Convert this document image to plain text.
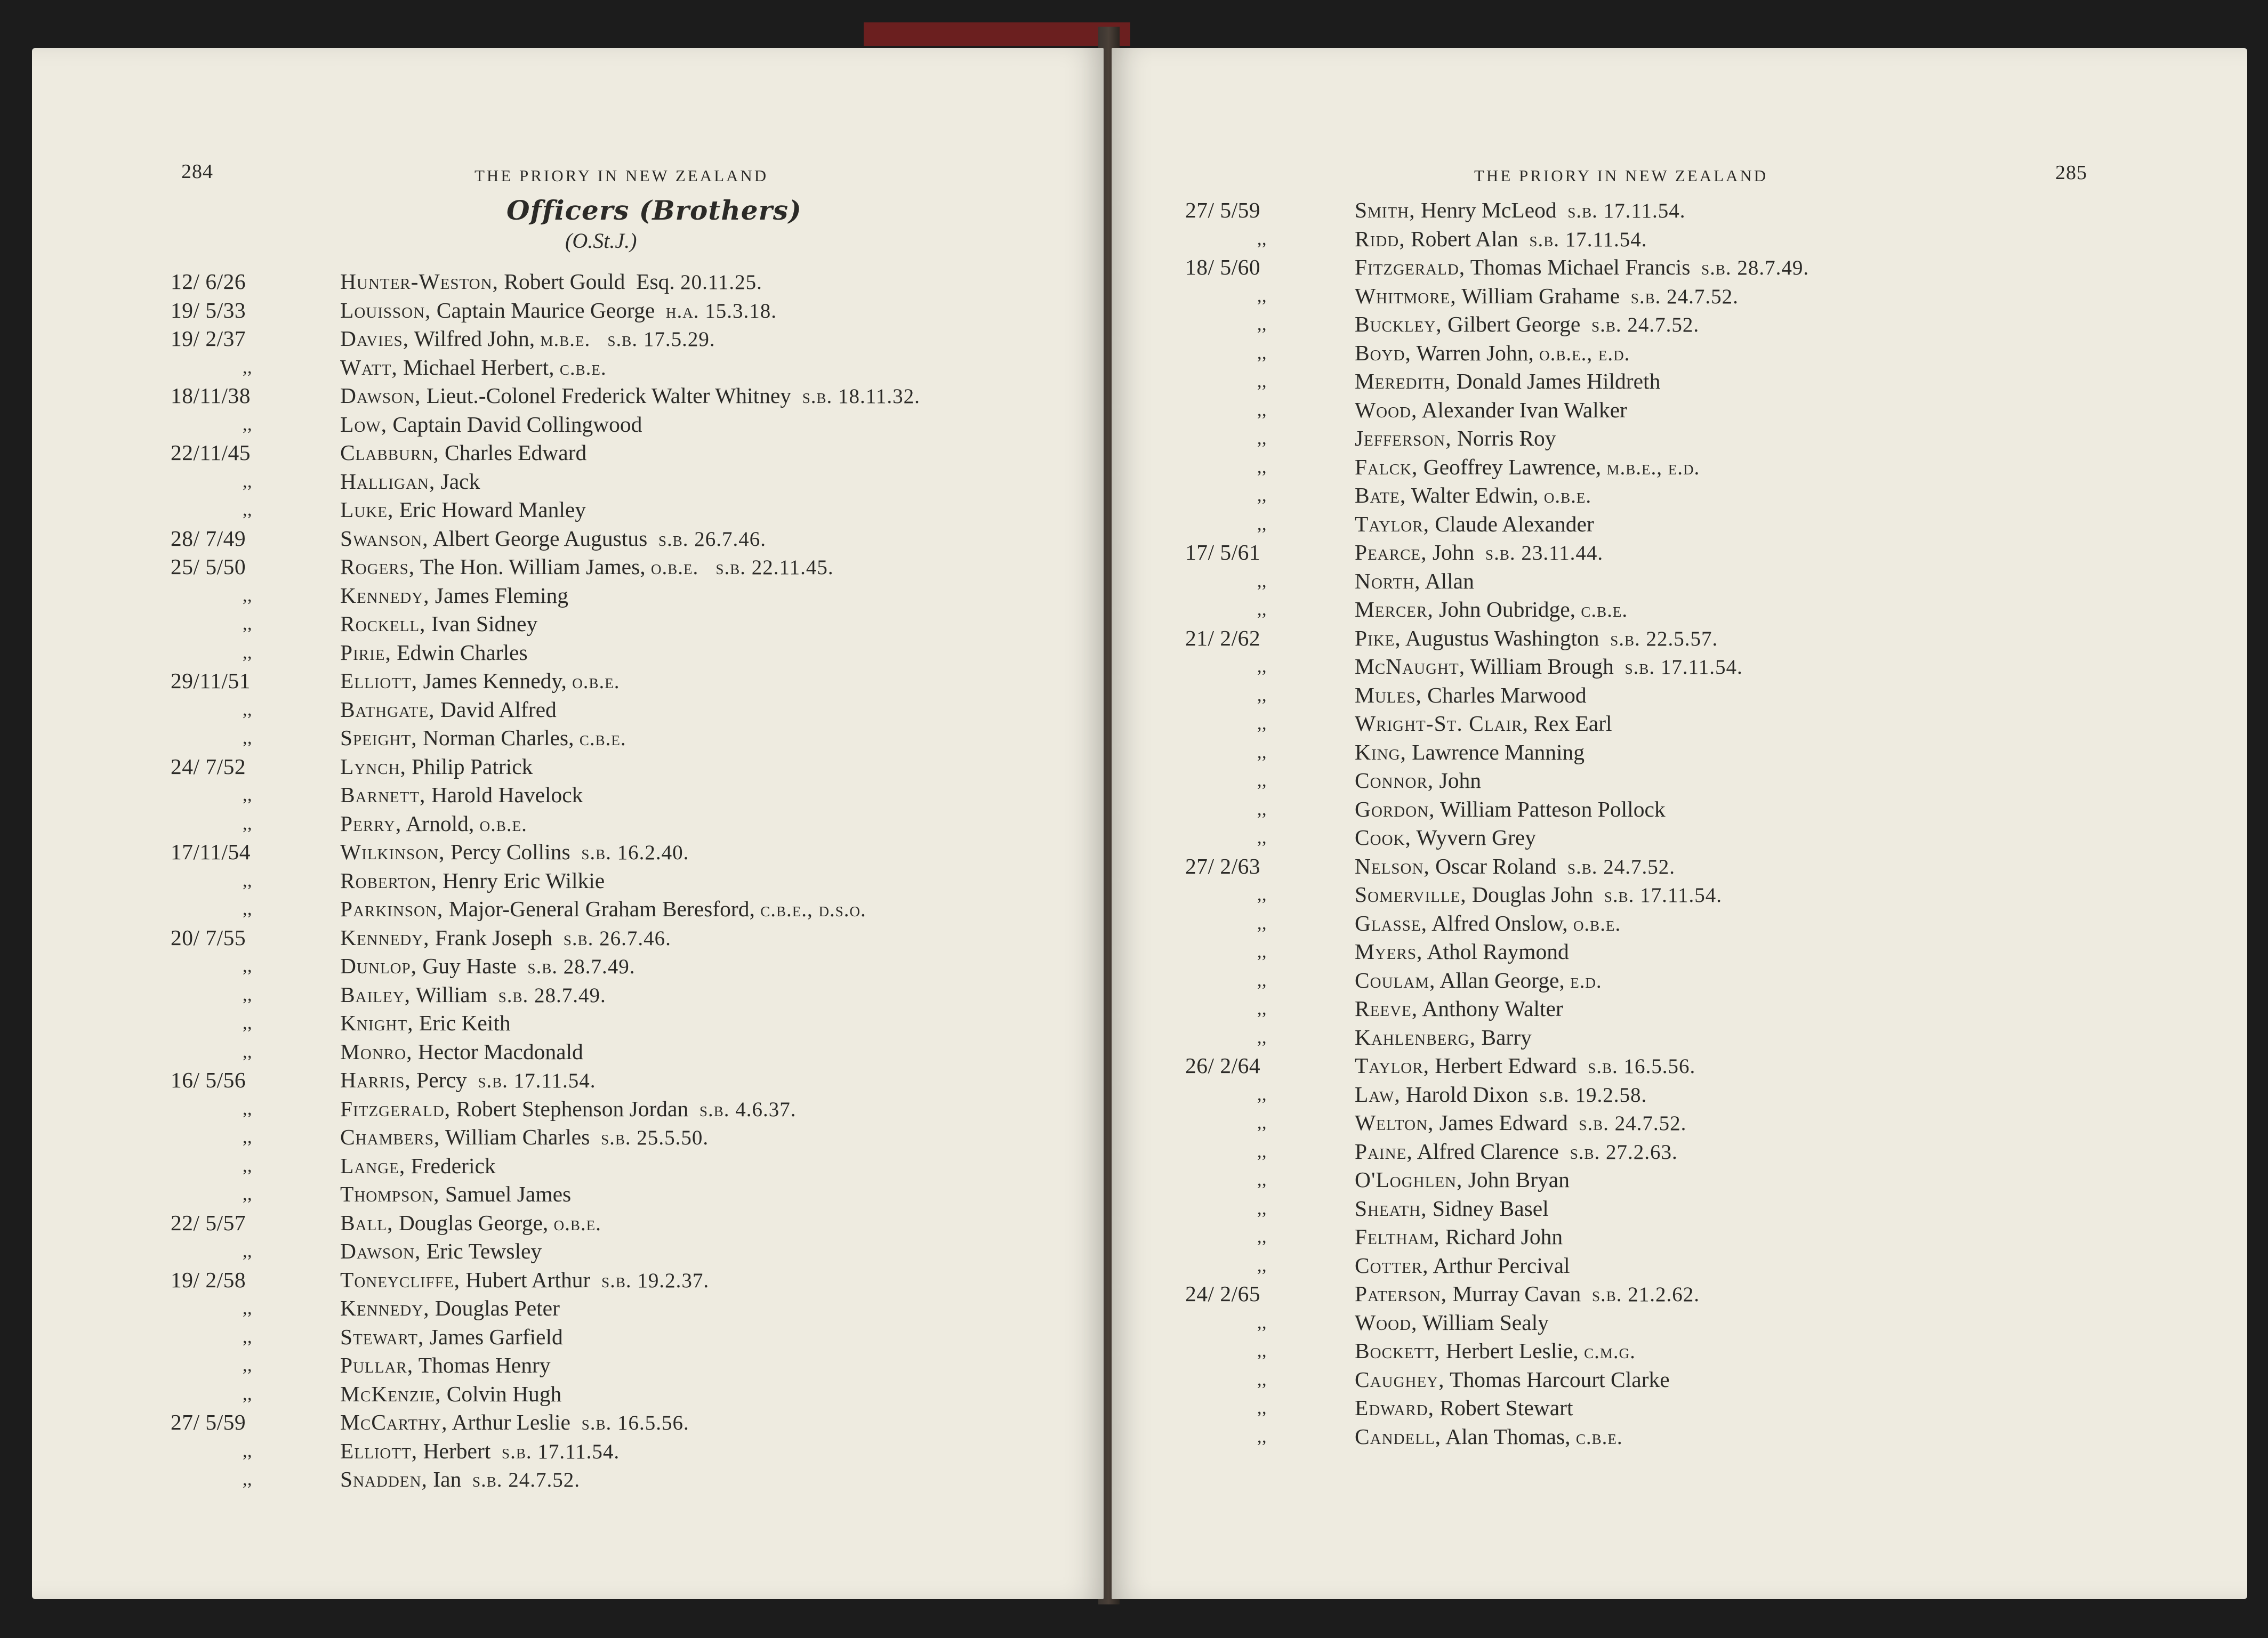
284	THE PRIORY IN NEW ZEALAND
Officers (Brothers)
(O.St.J.)
12/ 6/26	Hunter-Weston, Robert Gould  Esq. 20.11.25.
19/ 5/33	Louisson, Captain Maurice George  h.a. 15.3.18.
19/ 2/37	Davies, Wilfred John, m.b.e.   s.b. 17.5.29.
,,	Watt, Michael Herbert, c.b.e.
18/11/38	Dawson, Lieut.-Colonel Frederick Walter Whitney  s.b. 18.11.32.
,,	Low, Captain David Collingwood
22/11/45	Clabburn, Charles Edward
,,	Halligan, Jack
,,	Luke, Eric Howard Manley
28/ 7/49	Swanson, Albert George Augustus  s.b. 26.7.46.
25/ 5/50	Rogers, The Hon. William James, o.b.e.   s.b. 22.11.45.
,,	Kennedy, James Fleming
,,	Rockell, Ivan Sidney
,,	Pirie, Edwin Charles
29/11/51	Elliott, James Kennedy, o.b.e.
,,	Bathgate, David Alfred
,,	Speight, Norman Charles, c.b.e.
24/ 7/52	Lynch, Philip Patrick
,,	Barnett, Harold Havelock
,,	Perry, Arnold, o.b.e.
17/11/54	Wilkinson, Percy Collins  s.b. 16.2.40.
,,	Roberton, Henry Eric Wilkie
,,	Parkinson, Major-General Graham Beresford, c.b.e., d.s.o.
20/ 7/55	Kennedy, Frank Joseph  s.b. 26.7.46.
,,	Dunlop, Guy Haste  s.b. 28.7.49.
,,	Bailey, William  s.b. 28.7.49.
,,	Knight, Eric Keith
,,	Monro, Hector Macdonald
16/ 5/56	Harris, Percy  s.b. 17.11.54.
,,	Fitzgerald, Robert Stephenson Jordan  s.b. 4.6.37.
,,	Chambers, William Charles  s.b. 25.5.50.
,,	Lange, Frederick
,,	Thompson, Samuel James
22/ 5/57	Ball, Douglas George, o.b.e.
,,	Dawson, Eric Tewsley
19/ 2/58	Toneycliffe, Hubert Arthur  s.b. 19.2.37.
,,	Kennedy, Douglas Peter
,,	Stewart, James Garfield
,,	Pullar, Thomas Henry
,,	McKenzie, Colvin Hugh
27/ 5/59	McCarthy, Arthur Leslie  s.b. 16.5.56.
,,	Elliott, Herbert  s.b. 17.11.54.
,,	Snadden, Ian  s.b. 24.7.52.
285
THE PRIORY IN NEW ZEALAND
27/ 5/59	Smith, Henry McLeod  s.b. 17.11.54.
,,	Ridd, Robert Alan  s.b. 17.11.54.
18/ 5/60	Fitzgerald, Thomas Michael Francis  s.b. 28.7.49.
,,	Whitmore, William Grahame  s.b. 24.7.52.
,,	Buckley, Gilbert George  s.b. 24.7.52.
,,	Boyd, Warren John, o.b.e., e.d.
,,	Meredith, Donald James Hildreth
,,	Wood, Alexander Ivan Walker
,,	Jefferson, Norris Roy
,,	Falck, Geoffrey Lawrence, m.b.e., e.d.
,,	Bate, Walter Edwin, o.b.e.
,,	Taylor, Claude Alexander
17/ 5/61	Pearce, John  s.b. 23.11.44.
,,	North, Allan
,,	Mercer, John Oubridge, c.b.e.
21/ 2/62	Pike, Augustus Washington  s.b. 22.5.57.
,,	McNaught, William Brough  s.b. 17.11.54.
,,	Mules, Charles Marwood
,,	Wright-St. Clair, Rex Earl
,,	King, Lawrence Manning
,,	Connor, John
,,	Gordon, William Patteson Pollock
,,	Cook, Wyvern Grey
27/ 2/63	Nelson, Oscar Roland  s.b. 24.7.52.
,,	Somerville, Douglas John  s.b. 17.11.54.
,,	Glasse, Alfred Onslow, o.b.e.
,,	Myers, Athol Raymond
,,	Coulam, Allan George, e.d.
,,	Reeve, Anthony Walter
,,	Kahlenberg, Barry
26/ 2/64	Taylor, Herbert Edward  s.b. 16.5.56.
,,	Law, Harold Dixon  s.b. 19.2.58.
,,	Welton, James Edward  s.b. 24.7.52.
,,	Paine, Alfred Clarence  s.b. 27.2.63.
,,	O'Loghlen, John Bryan
,,	Sheath, Sidney Basel
,,	Feltham, Richard John
,,	Cotter, Arthur Percival
24/ 2/65	Paterson, Murray Cavan  s.b. 21.2.62.
,,	Wood, William Sealy
,,	Bockett, Herbert Leslie, c.m.g.
,,	Caughey, Thomas Harcourt Clarke
,,	Edward, Robert Stewart
,,	Candell, Alan Thomas, c.b.e.
